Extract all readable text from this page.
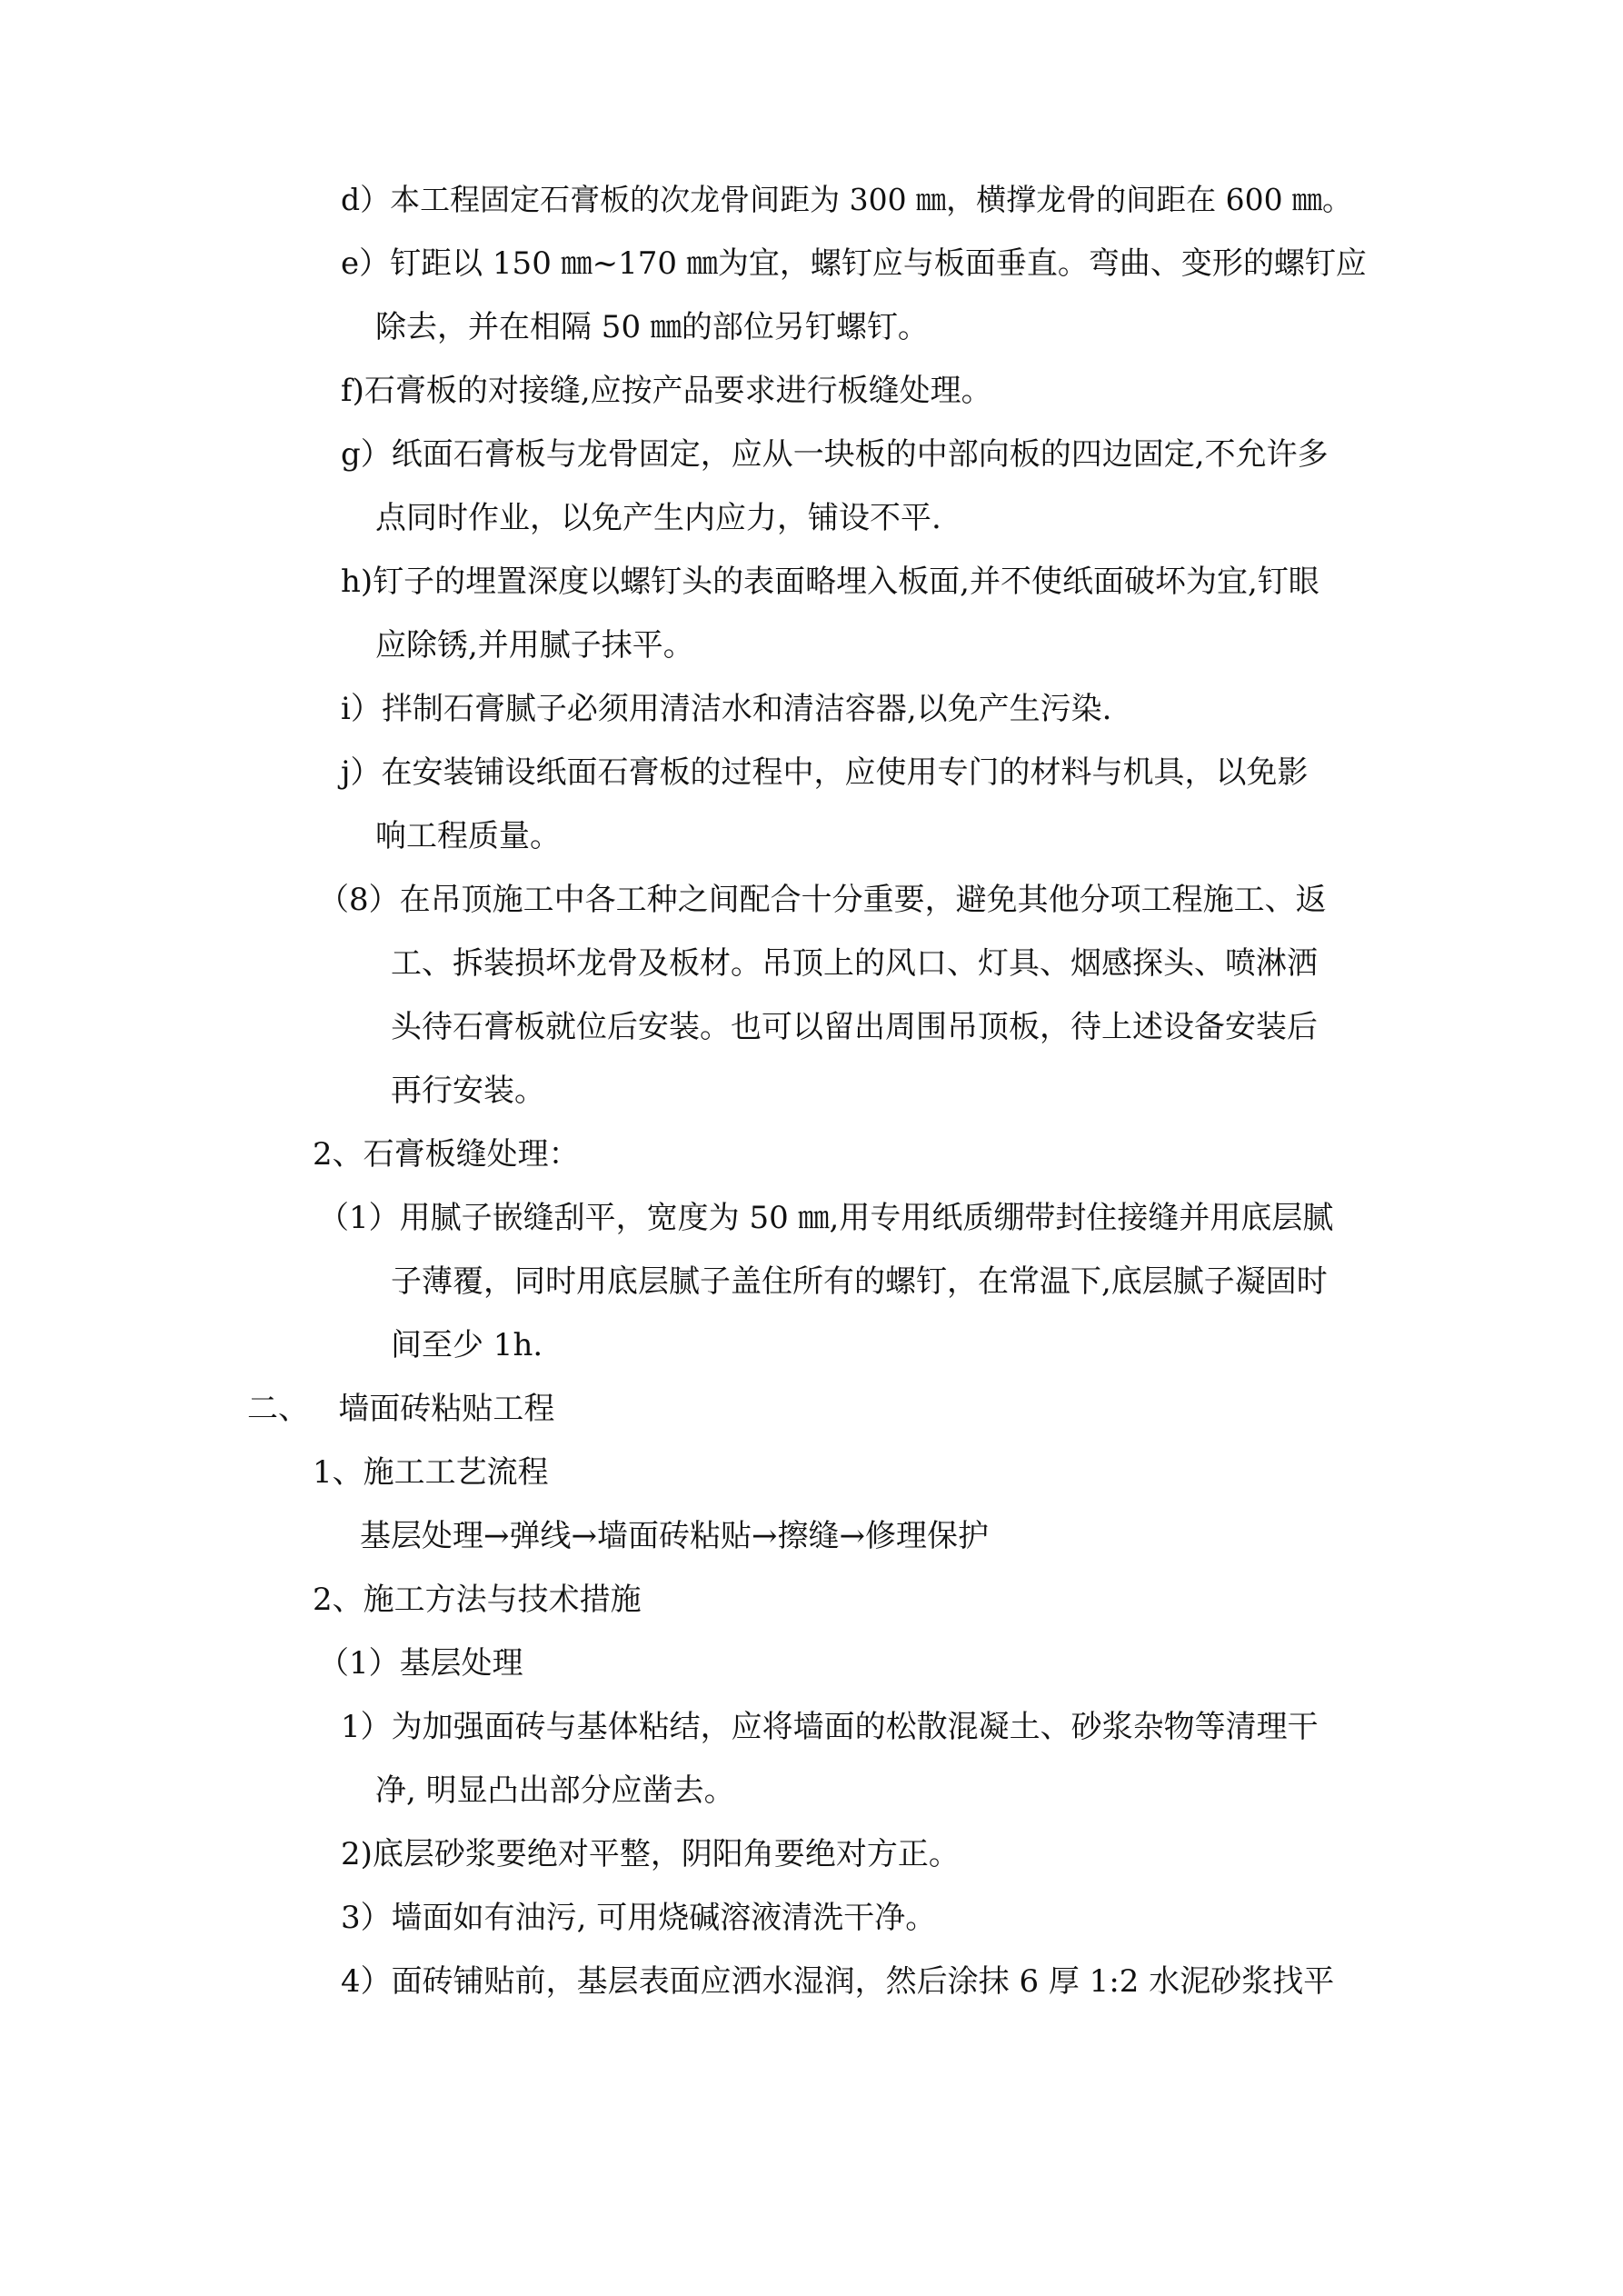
d）本工程固定石膏板的次龙骨间距为 300 ㎜，横撑龙骨的间距在 600 ㎜。

e）钉距以 150 ㎜~170 ㎜为宜，螺钉应与板面垂直。弯曲、变形的螺钉应

除去，并在相隔 50 ㎜的部位另钉螺钉。

f)石膏板的对接缝,应按产品要求进行板缝处理。

g）纸面石膏板与龙骨固定，应从一块板的中部向板的四边固定,不允许多

点同时作业，以免产生内应力，铺设不平.

h)钉子的埋置深度以螺钉头的表面略埋入板面,并不使纸面破坏为宜,钉眼

应除锈,并用腻子抹平。

i）拌制石膏腻子必须用清洁水和清洁容器,以免产生污染.

j）在安装铺设纸面石膏板的过程中，应使用专门的材料与机具，以免影

响工程质量。

（8）在吊顶施工中各工种之间配合十分重要，避免其他分项工程施工、返

工、拆装损坏龙骨及板材。吊顶上的风口、灯具、烟感探头、喷淋洒

头待石膏板就位后安装。也可以留出周围吊顶板，待上述设备安装后

再行安装。

2、石膏板缝处理：

（1）用腻子嵌缝刮平，宽度为 50 ㎜,用专用纸质绷带封住接缝并用底层腻

子薄覆，同时用底层腻子盖住所有的螺钉，在常温下,底层腻子凝固时

间至少 1h.

二、   墙面砖粘贴工程

1、施工工艺流程

基层处理→弹线→墙面砖粘贴→擦缝→修理保护

2、施工方法与技术措施

（1）基层处理

1）为加强面砖与基体粘结，应将墙面的松散混凝土、砂浆杂物等清理干

净, 明显凸出部分应凿去。

2)底层砂浆要绝对平整，阴阳角要绝对方正。

3）墙面如有油污, 可用烧碱溶液清洗干净。

4）面砖铺贴前，基层表面应洒水湿润，然后涂抹 6 厚 1:2 水泥砂浆找平
